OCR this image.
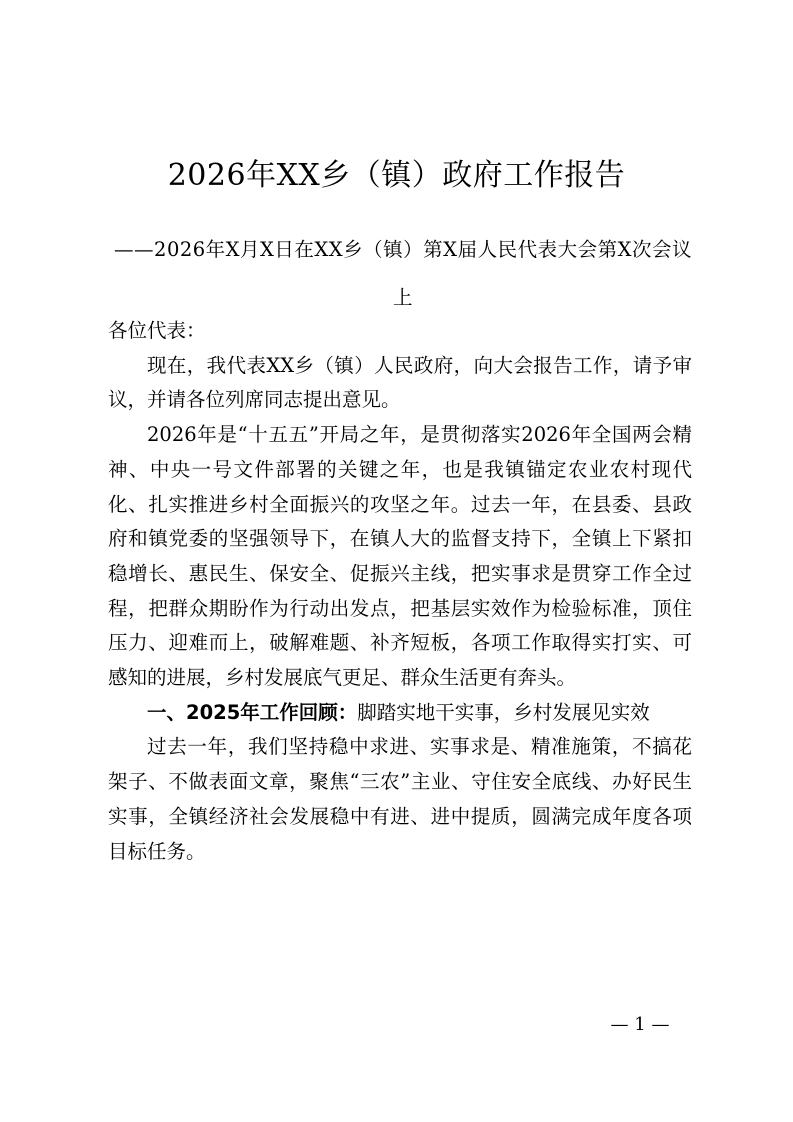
2026年XX乡（镇）政府工作报告
——2026年X月X日在XX乡（镇）第X届人民代表大会第X次会议上

各位代表：

现在，我代表XX乡（镇）人民政府，向大会报告工作，请予审议，并请各位列席同志提出意见。

2026年是“十五五”开局之年，是贯彻落实2026年全国两会精神、中央一号文件部署的关键之年，也是我镇锚定农业农村现代化、扎实推进乡村全面振兴的攻坚之年。过去一年，在县委、县政府和镇党委的坚强领导下，在镇人大的监督支持下，全镇上下紧扣稳增长、惠民生、保安全、促振兴主线，把实事求是贯穿工作全过程，把群众期盼作为行动出发点，把基层实效作为检验标准，顶住压力、迎难而上，破解难题、补齐短板，各项工作取得实打实、可感知的进展，乡村发展底气更足、群众生活更有奔头。

一、2025年工作回顾：脚踏实地干实事，乡村发展见实效

过去一年，我们坚持稳中求进、实事求是、精准施策，不搞花架子、不做表面文章，聚焦“三农”主业、守住安全底线、办好民生实事，全镇经济社会发展稳中有进、进中提质，圆满完成年度各项目标任务。

— 1 —
